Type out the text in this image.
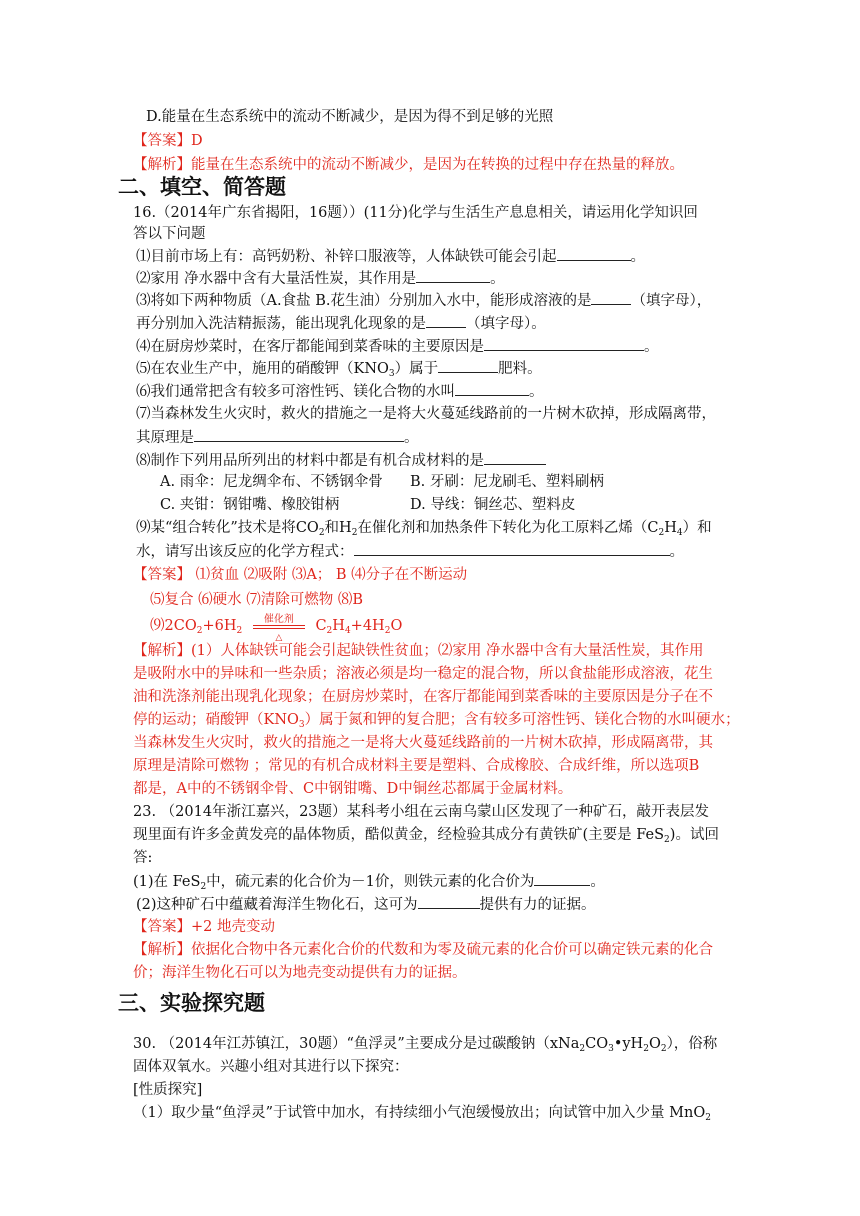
D.能量在生态系统中的流动不断减少，是因为得不到足够的光照
【答案】D
【解析】能量在生态系统中的流动不断减少，是因为在转换的过程中存在热量的释放。
二、填空、简答题
16.（2014年广东省揭阳，16题））(11分)化学与生活生产息息相关，请运用化学知识回
答以下问题
⑴目前市场上有：高钙奶粉、补锌口服液等，人体缺铁可能会引起	。
⑵家用 净水器中含有大量活性炭，其作用是	。
⑶将如下两种物质（A.食盐 B.花生油）分别加入水中，能形成溶液的是	（填字母），
再分别加入洗洁精振荡，能出现乳化现象的是	（填字母）。
⑷在厨房炒菜时，在客厅都能闻到菜香味的主要原因是	。
⑸在农业生产中，施用的硝酸钾$(KNO_3)$属于	肥料。
⑹我们通常把含有较多可溶性钙、镁化合物的水叫	。
⑺当森林发生火灾时，救火的措施之一是将大火蔓延线路前的一片树木砍掉，形成隔离带，
其原理是	。
⑻制作下列用品所列出的材料中都是有机合成材料的是
A. 雨伞：尼龙绸伞布、不锈钢伞骨 B. 牙刷：尼龙刷毛、塑料刷柄
C. 夹钳：钢钳嘴、橡胶钳柄	D. 导线：铜丝芯、塑料皮
⑼某“组合转化”技术是将$CO_2$和$H_2$在催化剂和加热条件下转化为化工原料乙烯$(C_2H_4)$和
水，请写出该反应的化学方程式：	。
【答案】 ⑴贫血 ⑵吸附 ⑶A； B ⑷分子在不断运动
⑸复合 ⑹硬水 ⑺清除可燃物 ⑻B
$⑼2CO_2+6H_2$
催化剂
△
$C_2H_4+4H_2O$
【解析】(1）人体缺铁可能会引起缺铁性贫血；⑵家用 净水器中含有大量活性炭，其作用
是吸附水中的异味和一些杂质；溶液必须是均一稳定的混合物，所以食盐能形成溶液，花生
油和洗涤剂能出现乳化现象；在厨房炒菜时，在客厅都能闻到菜香味的主要原因是分子在不
停的运动；硝酸钾$(KNO_3)$属于氮和钾的复合肥；含有较多可溶性钙、镁化合物的水叫硬水；
当森林发生火灾时，救火的措施之一是将大火蔓延线路前的一片树木砍掉，形成隔离带，其
原理是清除可燃物 ；常见的有机合成材料主要是塑料、合成橡胶、合成纤维，所以选项B
都是，A中的不锈钢伞骨、C中钢钳嘴、D中铜丝芯都属于金属材料。
23. （2014年浙江嘉兴，23题）某科考小组在云南乌蒙山区发现了一种矿石，敲开表层发
现里面有许多金黄发亮的晶体物质，酷似黄金，经检验其成分有黄铁矿(主要是 FeS$_2$)。试回
答:
(1)在 FeS$_2$中，硫元素的化合价为－1价，则铁元素的化合价为	。
(2)这种矿石中蕴藏着海洋生物化石，这可为	提供有力的证据。
【答案】+2 地壳变动
【解析】依据化合物中各元素化合价的代数和为零及硫元素的化合价可以确定铁元素的化合
价；海洋生物化石可以为地壳变动提供有力的证据。
三、实验探究题
30. （2014年江苏镇江，30题）“鱼浮灵”主要成分是过碳酸钠$(xNa_2CO_3•yH_2O_2)$，俗称
固体双氧水。兴趣小组对其进行以下探究：
[性质探究]
（1）取少量“鱼浮灵”于试管中加水，有持续细小气泡缓慢放出；向试管中加入少量 MnO$_2$
